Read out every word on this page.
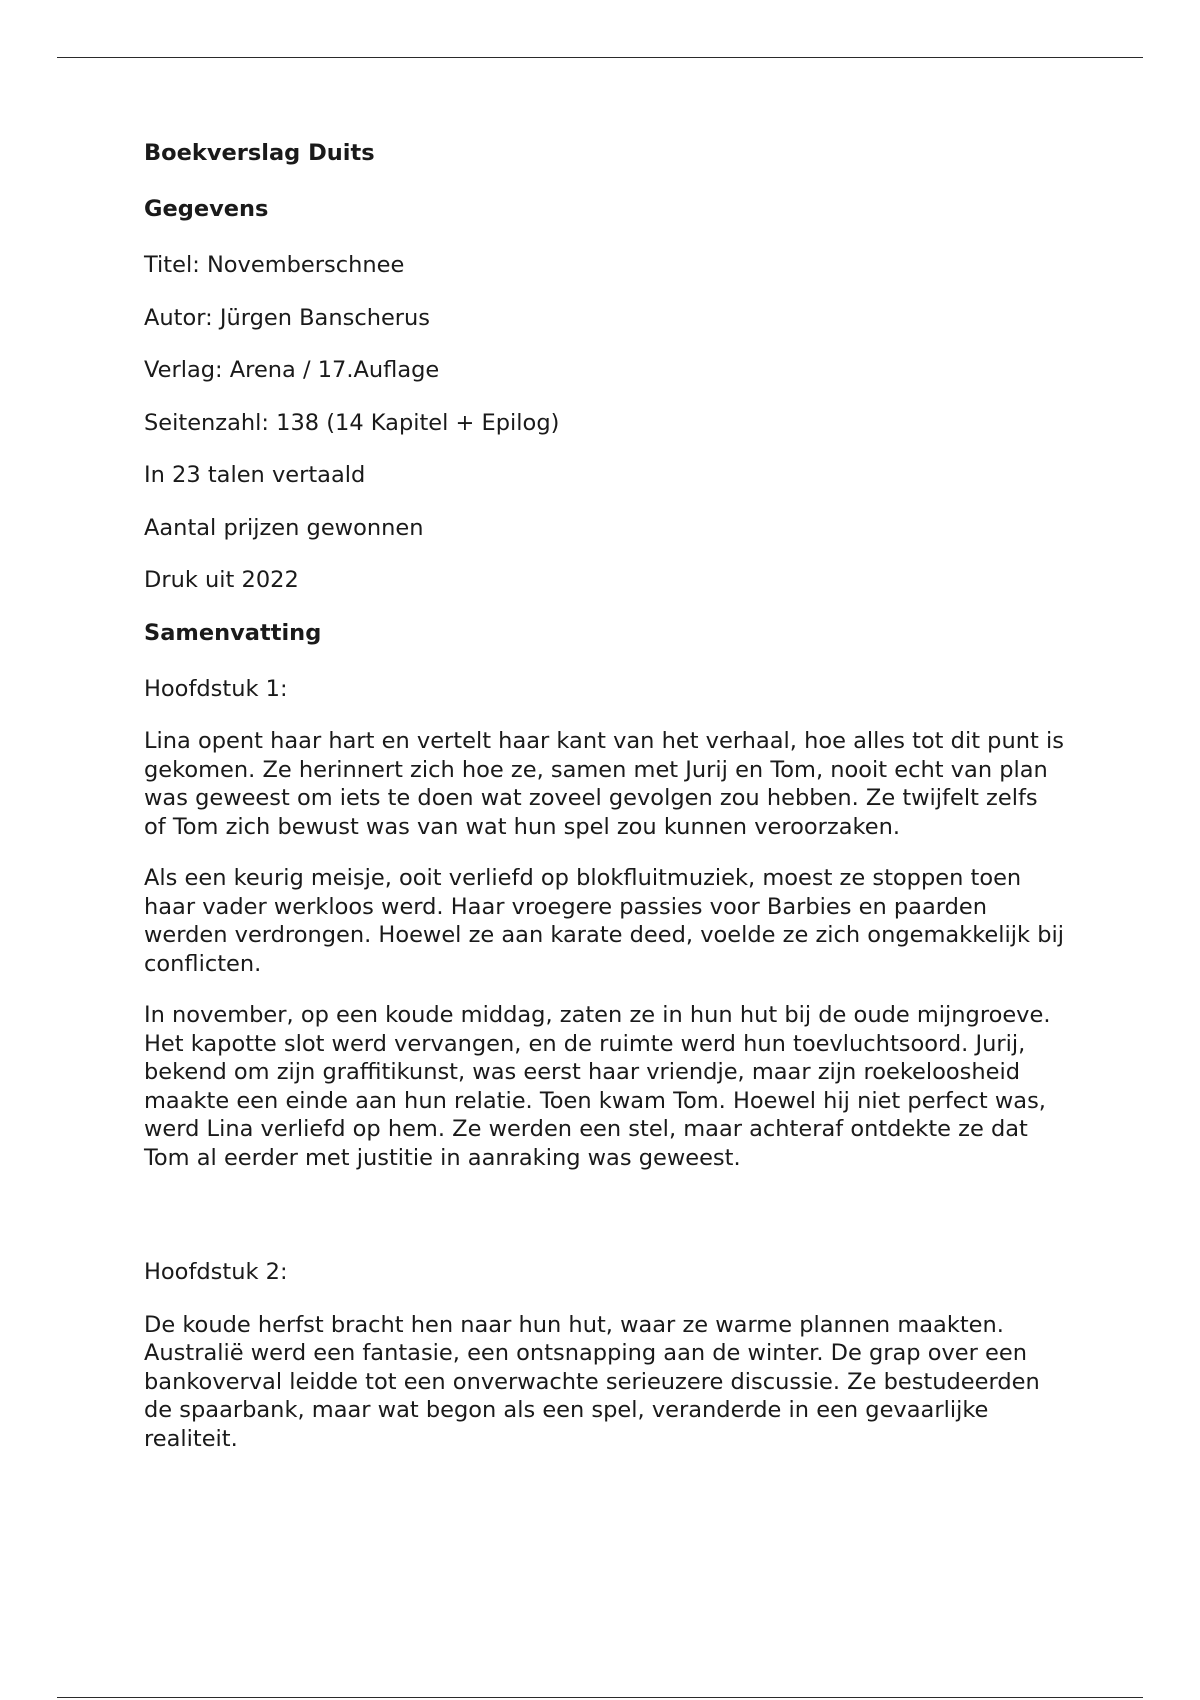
Boekverslag Duits

Gegevens

Titel: Novemberschnee

Autor: Jürgen Banscherus

Verlag: Arena / 17.Auflage

Seitenzahl: 138 (14 Kapitel + Epilog)

In 23 talen vertaald

Aantal prijzen gewonnen

Druk uit 2022

Samenvatting

Hoofdstuk 1:

Lina opent haar hart en vertelt haar kant van het verhaal, hoe alles tot dit punt is gekomen. Ze herinnert zich hoe ze, samen met Jurij en Tom, nooit echt van plan was geweest om iets te doen wat zoveel gevolgen zou hebben. Ze twijfelt zelfs of Tom zich bewust was van wat hun spel zou kunnen veroorzaken.

Als een keurig meisje, ooit verliefd op blokfluitmuziek, moest ze stoppen toen haar vader werkloos werd. Haar vroegere passies voor Barbies en paarden werden verdrongen. Hoewel ze aan karate deed, voelde ze zich ongemakkelijk bij conflicten.

In november, op een koude middag, zaten ze in hun hut bij de oude mijngroeve. Het kapotte slot werd vervangen, en de ruimte werd hun toevluchtsoord. Jurij, bekend om zijn graffitikunst, was eerst haar vriendje, maar zijn roekeloosheid maakte een einde aan hun relatie. Toen kwam Tom. Hoewel hij niet perfect was, werd Lina verliefd op hem. Ze werden een stel, maar achteraf ontdekte ze dat Tom al eerder met justitie in aanraking was geweest.

Hoofdstuk 2:

De koude herfst bracht hen naar hun hut, waar ze warme plannen maakten. Australië werd een fantasie, een ontsnapping aan de winter. De grap over een bankoverval leidde tot een onverwachte serieuzere discussie. Ze bestudeerden de spaarbank, maar wat begon als een spel, veranderde in een gevaarlijke realiteit.
